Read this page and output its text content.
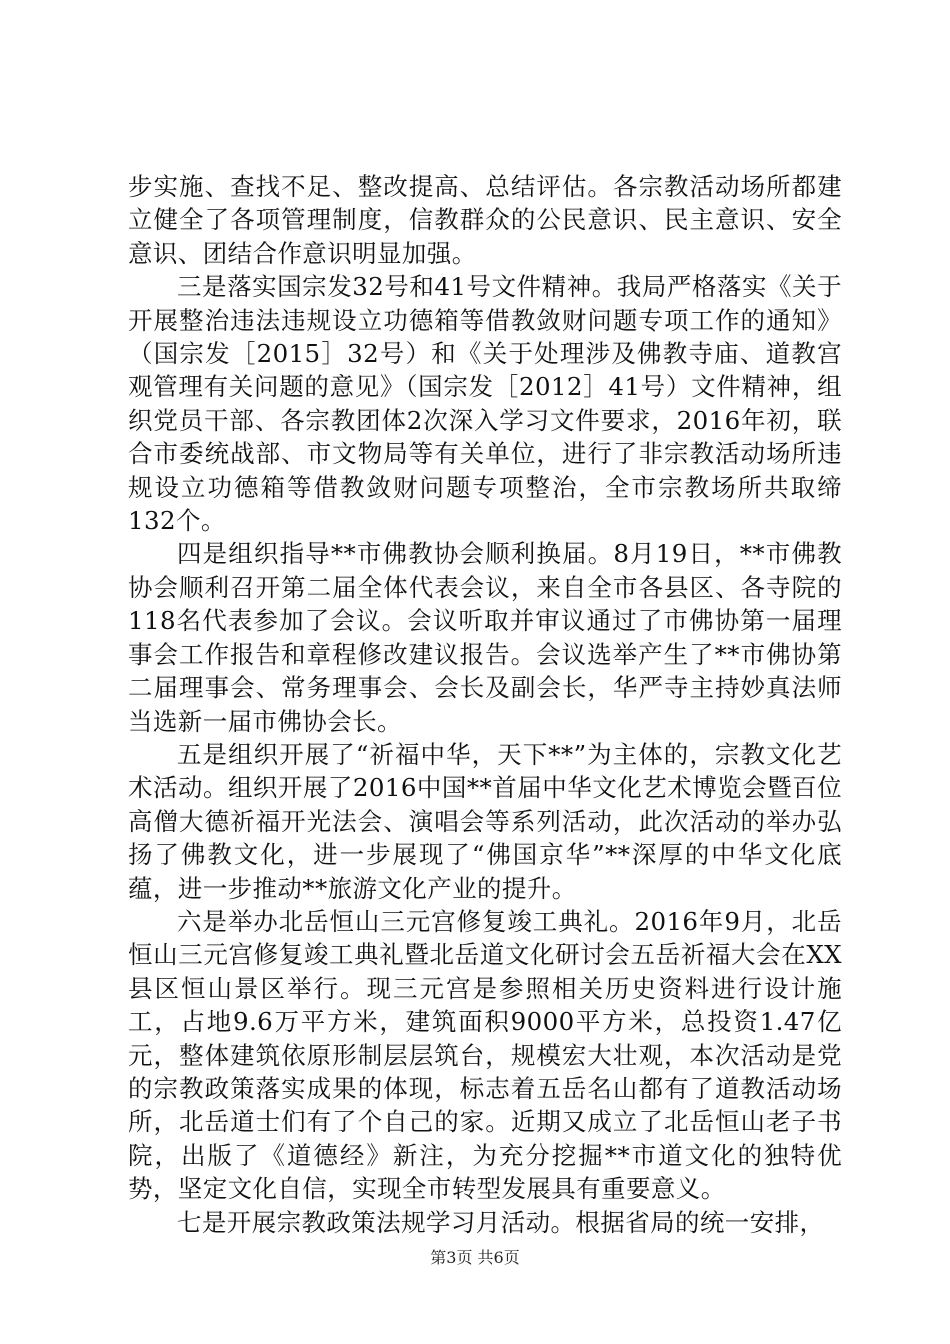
步实施、查找不足、整改提高、总结评估。各宗教活动场所都建立健全了各项管理制度，信教群众的公民意识、民主意识、安全意识、团结合作意识明显加强。

三是落实国宗发32号和41号文件精神。我局严格落实《关于开展整治违法违规设立功德箱等借教敛财问题专项工作的通知》（国宗发［2015］32号）和《关于处理涉及佛教寺庙、道教宫观管理有关问题的意见》（国宗发［2012］41号）文件精神，组织党员干部、各宗教团体2次深入学习文件要求，2016年初，联合市委统战部、市文物局等有关单位，进行了非宗教活动场所违规设立功德箱等借教敛财问题专项整治，全市宗教场所共取缔132个。

四是组织指导**市佛教协会顺利换届。8月19日，**市佛教协会顺利召开第二届全体代表会议，来自全市各县区、各寺院的118名代表参加了会议。会议听取并审议通过了市佛协第一届理事会工作报告和章程修改建议报告。会议选举产生了**市佛协第二届理事会、常务理事会、会长及副会长，华严寺主持妙真法师当选新一届市佛协会长。

五是组织开展了“祈福中华，天下**”为主体的，宗教文化艺术活动。组织开展了2016中国**首届中华文化艺术博览会暨百位高僧大德祈福开光法会、演唱会等系列活动，此次活动的举办弘扬了佛教文化，进一步展现了“佛国京华”**深厚的中华文化底蕴，进一步推动**旅游文化产业的提升。

六是举办北岳恒山三元宫修复竣工典礼。2016年9月，北岳恒山三元宫修复竣工典礼暨北岳道文化研讨会五岳祈福大会在XX县区恒山景区举行。现三元宫是参照相关历史资料进行设计施工，占地9.6万平方米，建筑面积9000平方米，总投资1.47亿元，整体建筑依原形制层层筑台，规模宏大壮观，本次活动是党的宗教政策落实成果的体现，标志着五岳名山都有了道教活动场所，北岳道士们有了个自己的家。近期又成立了北岳恒山老子书院，出版了《道德经》新注，为充分挖掘**市道文化的独特优势，坚定文化自信，实现全市转型发展具有重要意义。

七是开展宗教政策法规学习月活动。根据省局的统一安排，

第3页 共6页
